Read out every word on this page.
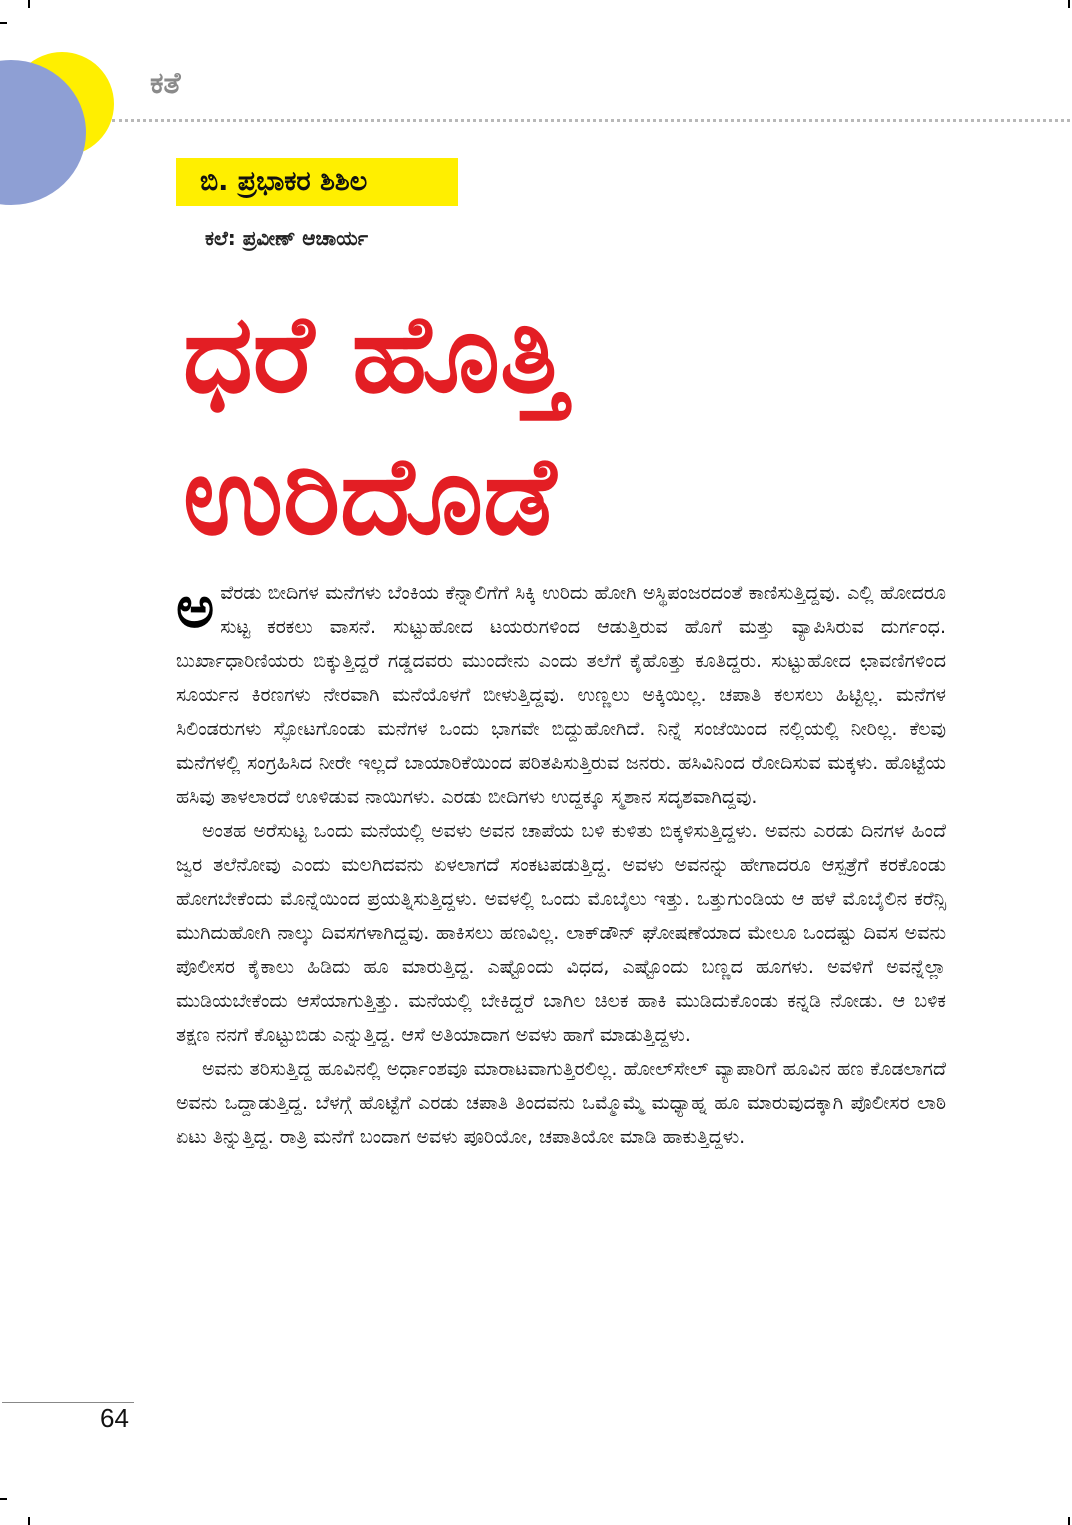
ಕತೆ
ಬಿ. ಪ್ರಭಾಕರ ಶಿಶಿಲ
ಕಲೆ: ಪ್ರವೀಣ್ ಆಚಾರ್ಯ
ಧರೆ ಹೊತ್ತಿ
ಉರಿದೊಡೆ

ಅವೆರಡು ಬೀದಿಗಳ ಮನೆಗಳು ಬೆಂಕಿಯ ಕೆನ್ನಾಲಿಗೆಗೆ ಸಿಕ್ಕಿ ಉರಿದು ಹೋಗಿ ಅಸ್ಥಿಪಂಜರದಂತೆ ಕಾಣಿಸುತ್ತಿದ್ದವು. ಎಲ್ಲಿ ಹೋದರೂ ಸುಟ್ಟ ಕರಕಲು ವಾಸನೆ. ಸುಟ್ಟುಹೋದ ಟಯರುಗಳಿಂದ ಆಡುತ್ತಿರುವ ಹೊಗೆ ಮತ್ತು ವ್ಯಾಪಿಸಿರುವ ದುರ್ಗಂಧ. ಬುರ್ಖಾಧಾರಿಣಿಯರು ಬಿಕ್ಕುತ್ತಿದ್ದರೆ ಗಡ್ಡದವರು ಮುಂದೇನು ಎಂದು ತಲೆಗೆ ಕೈಹೊತ್ತು ಕೂತಿದ್ದರು. ಸುಟ್ಟುಹೋದ ಛಾವಣಿಗಳಿಂದ ಸೂರ್ಯನ ಕಿರಣಗಳು ನೇರವಾಗಿ ಮನೆಯೊಳಗೆ ಬೀಳುತ್ತಿದ್ದವು. ಉಣ್ಣಲು ಅಕ್ಕಿಯಿಲ್ಲ. ಚಪಾತಿ ಕಲಸಲು ಹಿಟ್ಟಿಲ್ಲ. ಮನೆಗಳ ಸಿಲಿಂಡರುಗಳು ಸ್ಫೋಟಗೊಂಡು ಮನೆಗಳ ಒಂದು ಭಾಗವೇ ಬಿದ್ದುಹೋಗಿದೆ. ನಿನ್ನೆ ಸಂಜೆಯಿಂದ ನಲ್ಲಿಯಲ್ಲಿ ನೀರಿಲ್ಲ. ಕೆಲವು ಮನೆಗಳಲ್ಲಿ ಸಂಗ್ರಹಿಸಿದ ನೀರೇ ಇಲ್ಲದೆ ಬಾಯಾರಿಕೆಯಿಂದ ಪರಿತಪಿಸುತ್ತಿರುವ ಜನರು. ಹಸಿವಿನಿಂದ ರೋದಿಸುವ ಮಕ್ಕಳು. ಹೊಟ್ಟೆಯ ಹಸಿವು ತಾಳಲಾರದೆ ಊಳಿಡುವ ನಾಯಿಗಳು. ಎರಡು ಬೀದಿಗಳು ಉದ್ದಕ್ಕೂ ಸ್ಮಶಾನ ಸದೃಶವಾಗಿದ್ದವು.

ಅಂತಹ ಅರೆಸುಟ್ಟ ಒಂದು ಮನೆಯಲ್ಲಿ ಅವಳು ಅವನ ಚಾಪೆಯ ಬಳಿ ಕುಳಿತು ಬಿಕ್ಕಳಿಸುತ್ತಿದ್ದಳು. ಅವನು ಎರಡು ದಿನಗಳ ಹಿಂದೆ ಜ್ವರ ತಲೆನೋವು ಎಂದು ಮಲಗಿದವನು ಏಳಲಾಗದೆ ಸಂಕಟಪಡುತ್ತಿದ್ದ. ಅವಳು ಅವನನ್ನು ಹೇಗಾದರೂ ಆಸ್ಪತ್ರೆಗೆ ಕರಕೊಂಡು ಹೋಗಬೇಕೆಂದು ಮೊನ್ನೆಯಿಂದ ಪ್ರಯತ್ನಿಸುತ್ತಿದ್ದಳು. ಅವಳಲ್ಲಿ ಒಂದು ಮೊಬೈಲು ಇತ್ತು. ಒತ್ತುಗುಂಡಿಯ ಆ ಹಳೆ ಮೊಬೈಲಿನ ಕರೆನ್ಸಿ ಮುಗಿದುಹೋಗಿ ನಾಲ್ಕು ದಿವಸಗಳಾಗಿದ್ದವು. ಹಾಕಿಸಲು ಹಣವಿಲ್ಲ. ಲಾಕ್‌ಡೌನ್ ಘೋಷಣೆಯಾದ ಮೇಲೂ ಒಂದಷ್ಟು ದಿವಸ ಅವನು ಪೊಲೀಸರ ಕೈಕಾಲು ಹಿಡಿದು ಹೂ ಮಾರುತ್ತಿದ್ದ. ಎಷ್ಟೊಂದು ವಿಧದ, ಎಷ್ಟೊಂದು ಬಣ್ಣದ ಹೂಗಳು. ಅವಳಿಗೆ ಅವನ್ನೆಲ್ಲಾ ಮುಡಿಯಬೇಕೆಂದು ಆಸೆಯಾಗುತ್ತಿತ್ತು. ಮನೆಯಲ್ಲಿ ಬೇಕಿದ್ದರೆ ಬಾಗಿಲ ಚಿಲಕ ಹಾಕಿ ಮುಡಿದುಕೊಂಡು ಕನ್ನಡಿ ನೋಡು. ಆ ಬಳಿಕ ತಕ್ಷಣ ನನಗೆ ಕೊಟ್ಟುಬಿಡು ಎನ್ನುತ್ತಿದ್ದ. ಆಸೆ ಅತಿಯಾದಾಗ ಅವಳು ಹಾಗೆ ಮಾಡುತ್ತಿದ್ದಳು.

ಅವನು ತರಿಸುತ್ತಿದ್ದ ಹೂವಿನಲ್ಲಿ ಅರ್ಧಾಂಶವೂ ಮಾರಾಟವಾಗುತ್ತಿರಲಿಲ್ಲ. ಹೋಲ್‌ಸೇಲ್ ವ್ಯಾಪಾರಿಗೆ ಹೂವಿನ ಹಣ ಕೊಡಲಾಗದೆ ಅವನು ಒದ್ದಾಡುತ್ತಿದ್ದ. ಬೆಳಗ್ಗೆ ಹೊಟ್ಟೆಗೆ ಎರಡು ಚಪಾತಿ ತಿಂದವನು ಒಮ್ಮೊಮ್ಮೆ ಮಧ್ಯಾಹ್ನ ಹೂ ಮಾರುವುದಕ್ಕಾಗಿ ಪೊಲೀಸರ ಲಾಠಿ ಏಟು ತಿನ್ನುತ್ತಿದ್ದ. ರಾತ್ರಿ ಮನೆಗೆ ಬಂದಾಗ ಅವಳು ಪೂರಿಯೋ, ಚಪಾತಿಯೋ ಮಾಡಿ ಹಾಕುತ್ತಿದ್ದಳು.

64
